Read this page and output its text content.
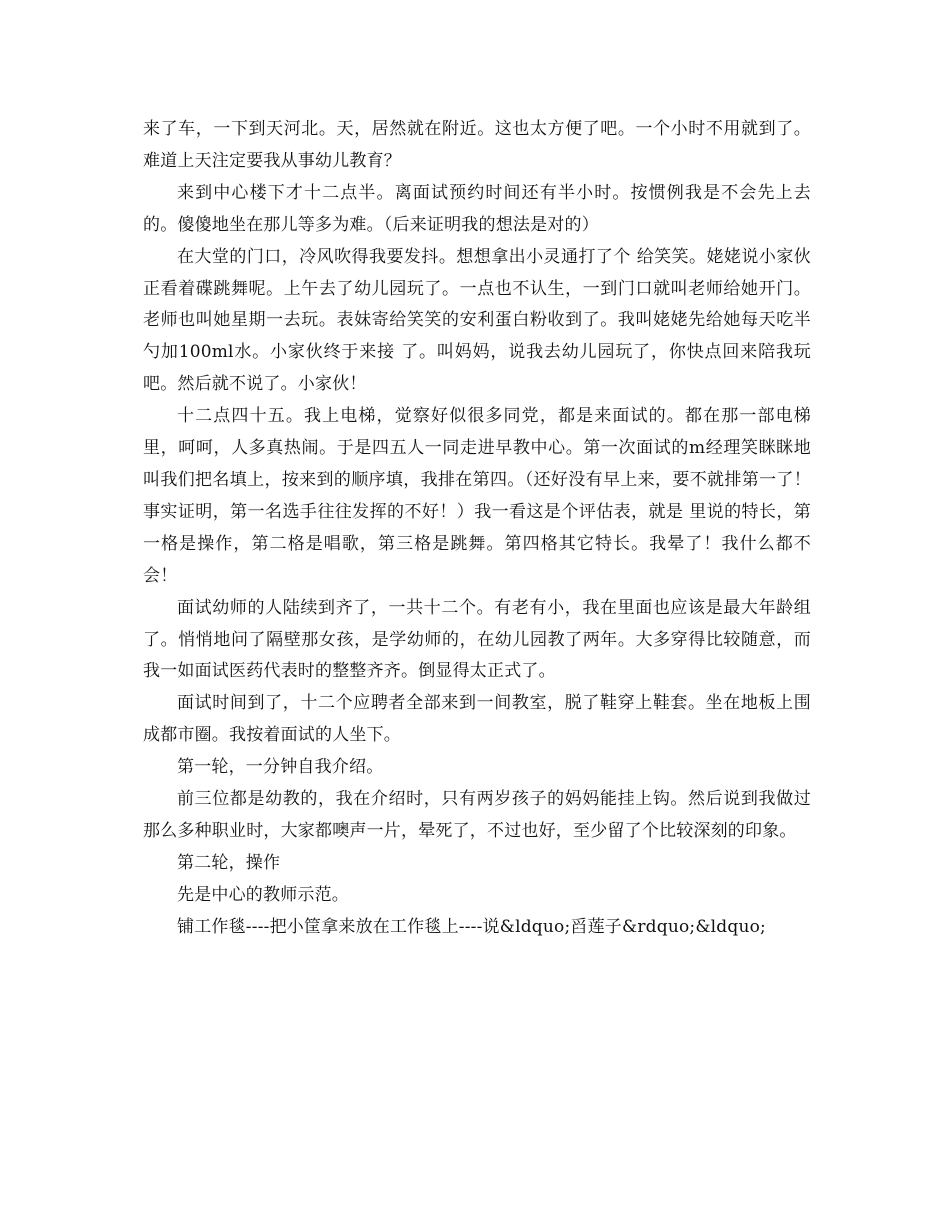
来了车，一下到天河北。天，居然就在附近。这也太方便了吧。一个小时不用就到了。难道上天注定要我从事幼儿教育？

来到中心楼下才十二点半。离面试预约时间还有半小时。按惯例我是不会先上去的。傻傻地坐在那儿等多为难。（后来证明我的想法是对的）

在大堂的门口，冷风吹得我要发抖。想想拿出小灵通打了个 给笑笑。姥姥说小家伙正看着碟跳舞呢。上午去了幼儿园玩了。一点也不认生，一到门口就叫老师给她开门。老师也叫她星期一去玩。表妹寄给笑笑的安利蛋白粉收到了。我叫姥姥先给她每天吃半勺加100ml水。小家伙终于来接 了。叫妈妈，说我去幼儿园玩了，你快点回来陪我玩吧。然后就不说了。小家伙！

十二点四十五。我上电梯，觉察好似很多同党，都是来面试的。都在那一部电梯里，呵呵，人多真热闹。于是四五人一同走进早教中心。第一次面试的m经理笑眯眯地叫我们把名填上，按来到的顺序填，我排在第四。（还好没有早上来，要不就排第一了！事实证明，第一名选手往往发挥的不好！）我一看这是个评估表，就是 里说的特长，第一格是操作，第二格是唱歌，第三格是跳舞。第四格其它特长。我晕了！我什么都不会！

面试幼师的人陆续到齐了，一共十二个。有老有小，我在里面也应该是最大年龄组了。悄悄地问了隔壁那女孩，是学幼师的，在幼儿园教了两年。大多穿得比较随意，而我一如面试医药代表时的整整齐齐。倒显得太正式了。

面试时间到了，十二个应聘者全部来到一间教室，脱了鞋穿上鞋套。坐在地板上围成都市圈。我按着面试的人坐下。

第一轮，一分钟自我介绍。

前三位都是幼教的，我在介绍时，只有两岁孩子的妈妈能挂上钩。然后说到我做过那么多种职业时，大家都噢声一片，晕死了，不过也好，至少留了个比较深刻的印象。

第二轮，操作

先是中心的教师示范。

铺工作毯----把小筐拿来放在工作毯上----说&ldquo;舀莲子&rdquo;&ldquo;
